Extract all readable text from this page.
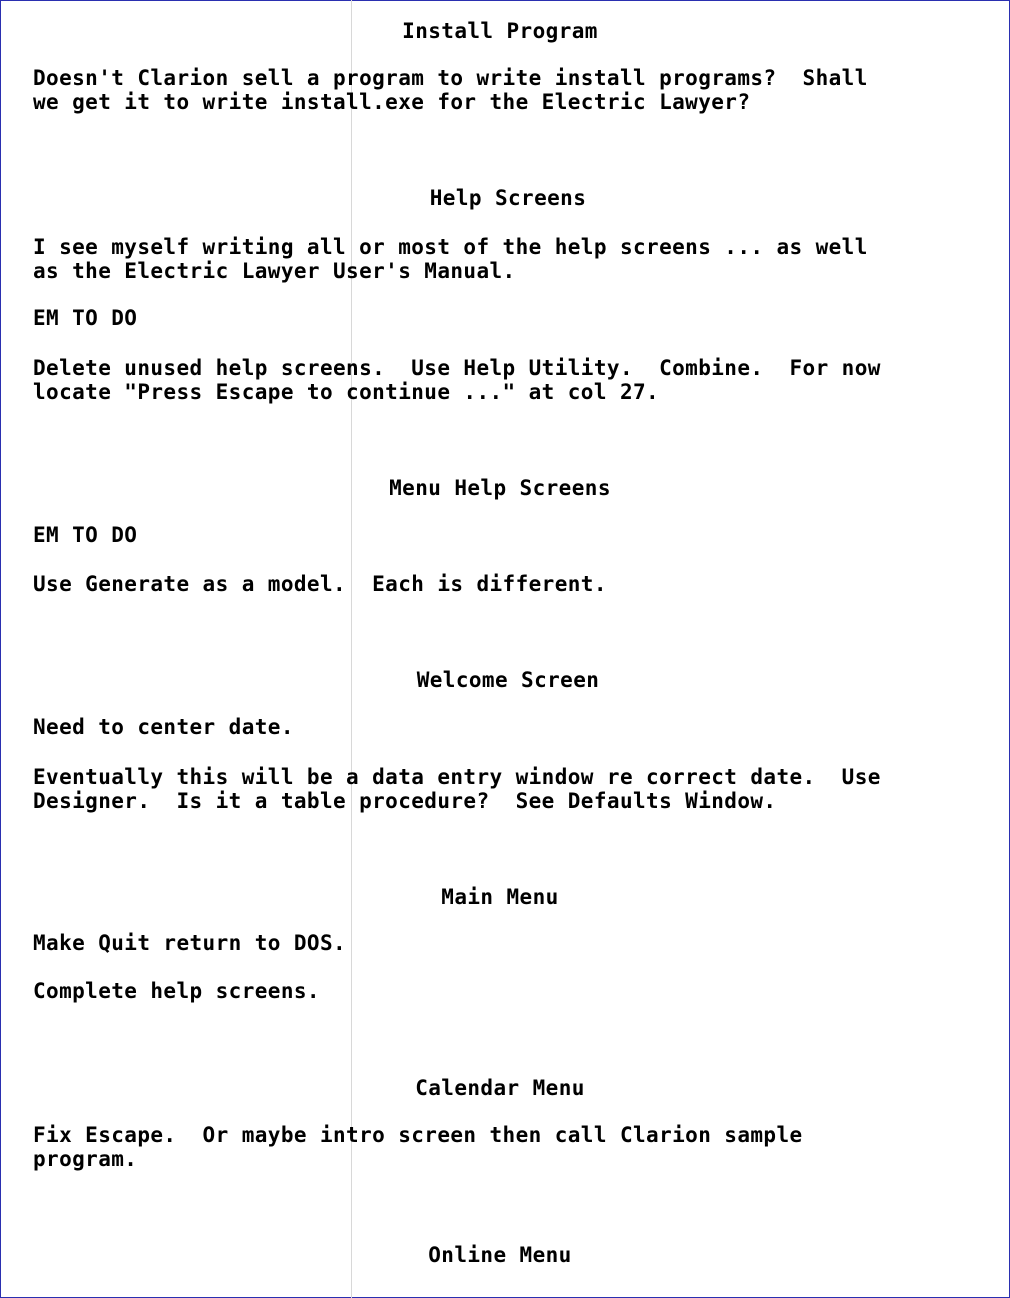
Install Program
Doesn't Clarion sell a program to write install programs?  Shall
we get it to write install.exe for the Electric Lawyer?
Help Screens
I see myself writing all or most of the help screens ... as well
as the Electric Lawyer User's Manual.
EM TO DO
Delete unused help screens.  Use Help Utility.  Combine.  For now
locate "Press Escape to continue ..." at col 27.
Menu Help Screens
EM TO DO
Use Generate as a model.  Each is different.
Welcome Screen
Need to center date.
Eventually this will be a data entry window re correct date.  Use
Designer.  Is it a table procedure?  See Defaults Window.
Main Menu
Make Quit return to DOS.
Complete help screens.
Calendar Menu
Fix Escape.  Or maybe intro screen then call Clarion sample
program.
Online Menu
